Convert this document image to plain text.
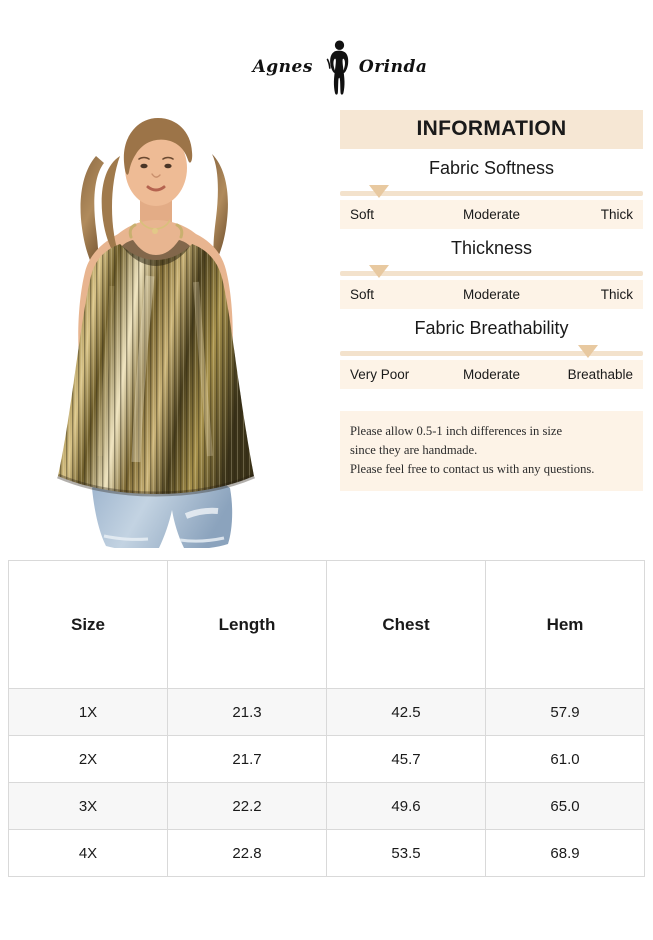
Agnes	Orinda
INFORMATION
Fabric Softness
Soft	Moderate	Thick
Thickness
Soft	Moderate	Thick
Fabric Breathability
Very Poor	Moderate	Breathable
Please allow 0.5-1 inch differences in size
since they are handmade.
Please feel free to contact us with any questions.
Size	Length	Chest	Hem
1X	21.3	42.5	57.9
2X	21.7	45.7	61.0
3X	22.2	49.6	65.0
4X	22.8	53.5	68.9
